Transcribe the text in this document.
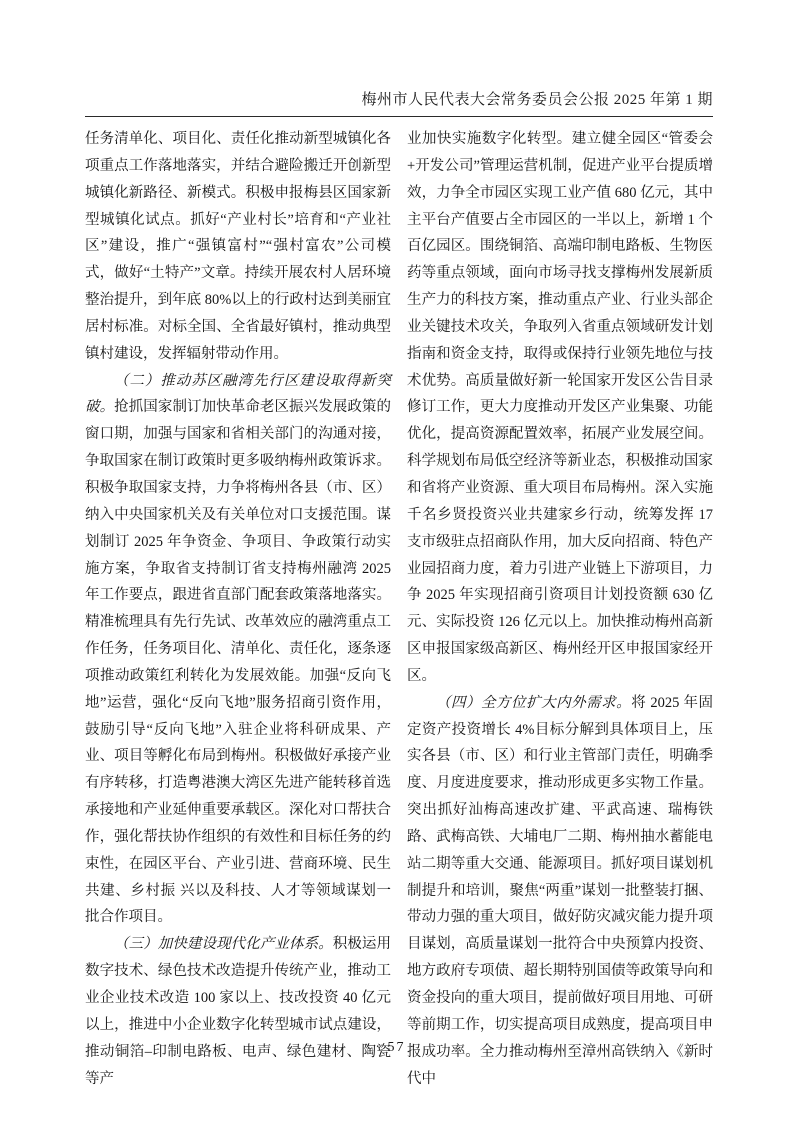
梅州市人民代表大会常务委员会公报 2025 年第 1 期

任务清单化、项目化、责任化推动新型城镇化各项重点工作落地落实，并结合避险搬迁开创新型城镇化新路径、新模式。积极申报梅县区国家新型城镇化试点。抓好“产业村长”培育和“产业社区”建设，推广“强镇富村”“强村富农”公司模式，做好“土特产”文章。持续开展农村人居环境整治提升，到年底 80%以上的行政村达到美丽宜居村标准。对标全国、全省最好镇村，推动典型镇村建设，发挥辐射带动作用。

（二）推动苏区融湾先行区建设取得新突破。抢抓国家制订加快革命老区振兴发展政策的窗口期，加强与国家和省相关部门的沟通对接，争取国家在制订政策时更多吸纳梅州政策诉求。积极争取国家支持，力争将梅州各县（市、区）纳入中央国家机关及有关单位对口支援范围。谋划制订 2025 年争资金、争项目、争政策行动实施方案，争取省支持制订省支持梅州融湾 2025 年工作要点，跟进省直部门配套政策落地落实。精准梳理具有先行先试、改革效应的融湾重点工作任务，任务项目化、清单化、责任化，逐条逐项推动政策红利转化为发展效能。加强“反向飞地”运营，强化“反向飞地”服务招商引资作用，鼓励引导“反向飞地”入驻企业将科研成果、产业、项目等孵化布局到梅州。积极做好承接产业有序转移，打造粤港澳大湾区先进产能转移首选承接地和产业延伸重要承载区。深化对口帮扶合作，强化帮扶协作组织的有效性和目标任务的约束性，在园区平台、产业引进、营商环境、民生共建、乡村振 兴以及科技、人才等领域谋划一批合作项目。

（三）加快建设现代化产业体系。积极运用数字技术、绿色技术改造提升传统产业，推动工业企业技术改造 100 家以上、技改投资 40 亿元以上，推进中小企业数字化转型城市试点建设，推动铜箔–印制电路板、电声、绿色建材、陶瓷等产

业加快实施数字化转型。建立健全园区“管委会+开发公司”管理运营机制，促进产业平台提质增效，力争全市园区实现工业产值 680 亿元，其中主平台产值要占全市园区的一半以上，新增 1 个百亿园区。围绕铜箔、高端印制电路板、生物医药等重点领域，面向市场寻找支撑梅州发展新质生产力的科技方案，推动重点产业、行业头部企业关键技术攻关，争取列入省重点领域研发计划指南和资金支持，取得或保持行业领先地位与技术优势。高质量做好新一轮国家开发区公告目录修订工作，更大力度推动开发区产业集聚、功能优化，提高资源配置效率，拓展产业发展空间。科学规划布局低空经济等新业态，积极推动国家和省将产业资源、重大项目布局梅州。深入实施千名乡贤投资兴业共建家乡行动，统筹发挥 17 支市级驻点招商队作用，加大反向招商、特色产业园招商力度，着力引进产业链上下游项目，力争 2025 年实现招商引资项目计划投资额 630 亿元、实际投资 126 亿元以上。加快推动梅州高新区申报国家级高新区、梅州经开区申报国家经开区。

（四）全方位扩大内外需求。将 2025 年固定资产投资增长 4%目标分解到具体项目上，压实各县（市、区）和行业主管部门责任，明确季度、月度进度要求，推动形成更多实物工作量。突出抓好汕梅高速改扩建、平武高速、瑞梅铁路、武梅高铁、大埔电厂二期、梅州抽水蓄能电站二期等重大交通、能源项目。抓好项目谋划机制提升和培训，聚焦“两重”谋划一批整装打捆、带动力强的重大项目，做好防灾减灾能力提升项目谋划，高质量谋划一批符合中央预算内投资、地方政府专项债、超长期特别国债等政策导向和资金投向的重大项目，提前做好项目用地、可研等前期工作，切实提高项目成熟度，提高项目申报成功率。全力推动梅州至漳州高铁纳入《新时代中

· 57 ·
